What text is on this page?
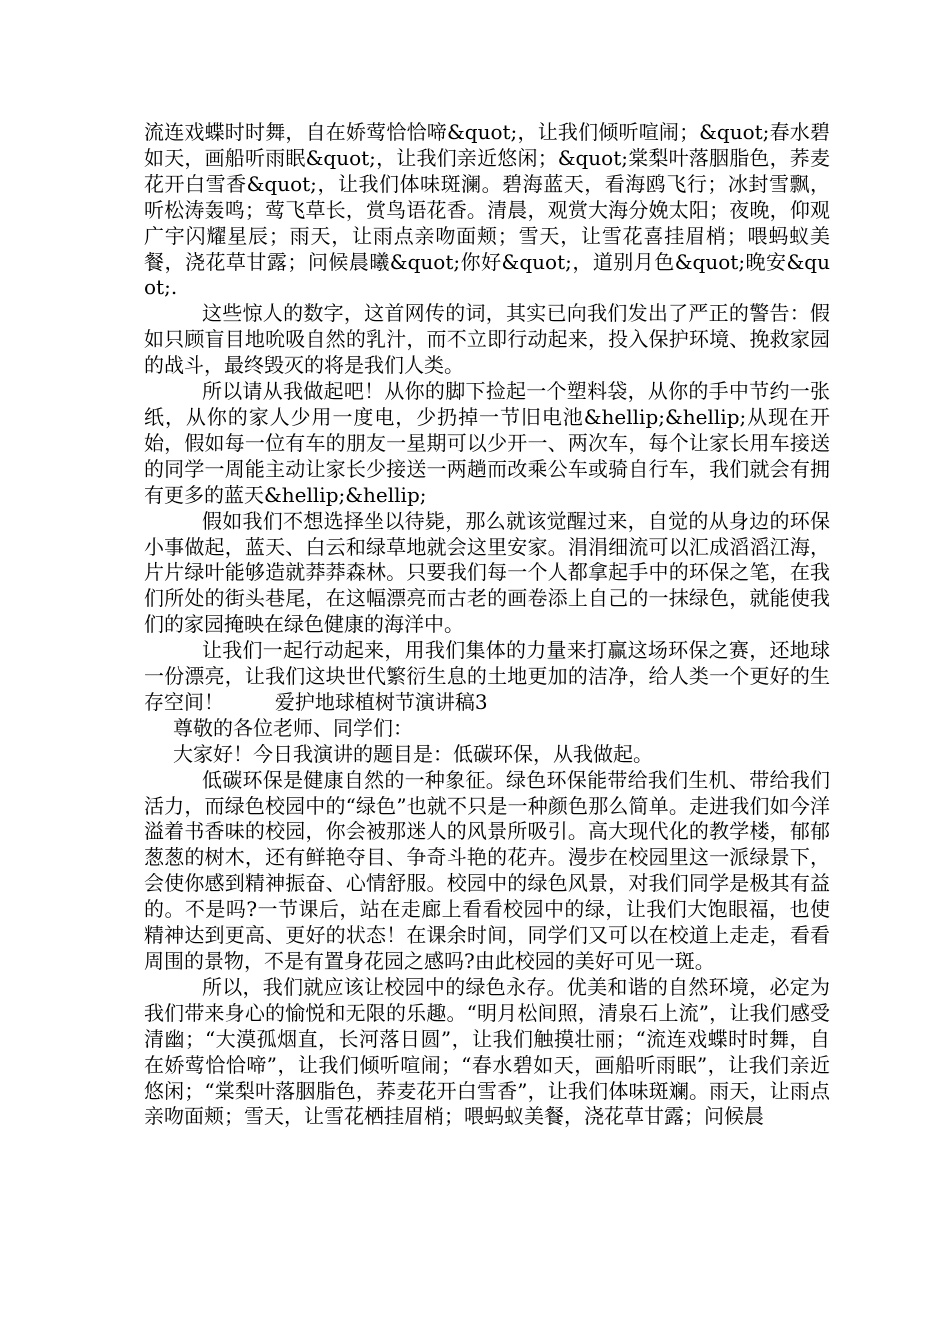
流连戏蝶时时舞，自在娇莺恰恰啼&quot;，让我们倾听喧闹；&quot;春水碧如天，画船听雨眠&quot;，让我们亲近悠闲；&quot;棠梨叶落胭脂色，荞麦花开白雪香&quot;，让我们体味斑澜。碧海蓝天，看海鸥飞行；冰封雪飘，听松涛轰鸣；莺飞草长，赏鸟语花香。清晨，观赏大海分娩太阳；夜晚，仰观广宇闪耀星辰；雨天，让雨点亲吻面颊；雪天，让雪花喜挂眉梢；喂蚂蚁美餐，浇花草甘露；问候晨曦&quot;你好&quot;，道别月色&quot;晚安&quot;.

这些惊人的数字，这首网传的词，其实已向我们发出了严正的警告：假如只顾盲目地吮吸自然的乳汁，而不立即行动起来，投入保护环境、挽救家园的战斗，最终毁灭的将是我们人类。

所以请从我做起吧！从你的脚下捡起一个塑料袋，从你的手中节约一张纸，从你的家人少用一度电，少扔掉一节旧电池&hellip;&hellip;从现在开始，假如每一位有车的朋友一星期可以少开一、两次车，每个让家长用车接送的同学一周能主动让家长少接送一两趟而改乘公车或骑自行车，我们就会有拥有更多的蓝天&hellip;&hellip;

假如我们不想选择坐以待毙，那么就该觉醒过来，自觉的从身边的环保小事做起，蓝天、白云和绿草地就会这里安家。涓涓细流可以汇成滔滔江海，片片绿叶能够造就莽莽森林。只要我们每一个人都拿起手中的环保之笔，在我们所处的街头巷尾，在这幅漂亮而古老的画卷添上自己的一抹绿色，就能使我们的家园掩映在绿色健康的海洋中。

让我们一起行动起来，用我们集体的力量来打赢这场环保之赛，还地球一份漂亮，让我们这块世代繁衍生息的土地更加的洁净，给人类一个更好的生存空间！	爱护地球植树节演讲稿3

尊敬的各位老师、同学们：

大家好！今日我演讲的题目是：低碳环保，从我做起。

低碳环保是健康自然的一种象征。绿色环保能带给我们生机、带给我们活力，而绿色校园中的“绿色”也就不只是一种颜色那么简单。走进我们如今洋溢着书香味的校园，你会被那迷人的风景所吸引。高大现代化的教学楼，郁郁葱葱的树木，还有鲜艳夺目、争奇斗艳的花卉。漫步在校园里这一派绿景下，会使你感到精神振奋、心情舒服。校园中的绿色风景，对我们同学是极其有益的。不是吗?一节课后，站在走廊上看看校园中的绿，让我们大饱眼福，也使精神达到更高、更好的状态！在课余时间，同学们又可以在校道上走走，看看周围的景物，不是有置身花园之感吗?由此校园的美好可见一斑。

所以，我们就应该让校园中的绿色永存。优美和谐的自然环境，必定为我们带来身心的愉悦和无限的乐趣。“明月松间照，清泉石上流”，让我们感受清幽；“大漠孤烟直，长河落日圆”，让我们触摸壮丽；“流连戏蝶时时舞，自在娇莺恰恰啼”，让我们倾听喧闹；“春水碧如天，画船听雨眠”，让我们亲近悠闲；“棠梨叶落胭脂色，荞麦花开白雪香”，让我们体味斑斓。雨天，让雨点亲吻面颊；雪天，让雪花栖挂眉梢；喂蚂蚁美餐，浇花草甘露；问候晨
